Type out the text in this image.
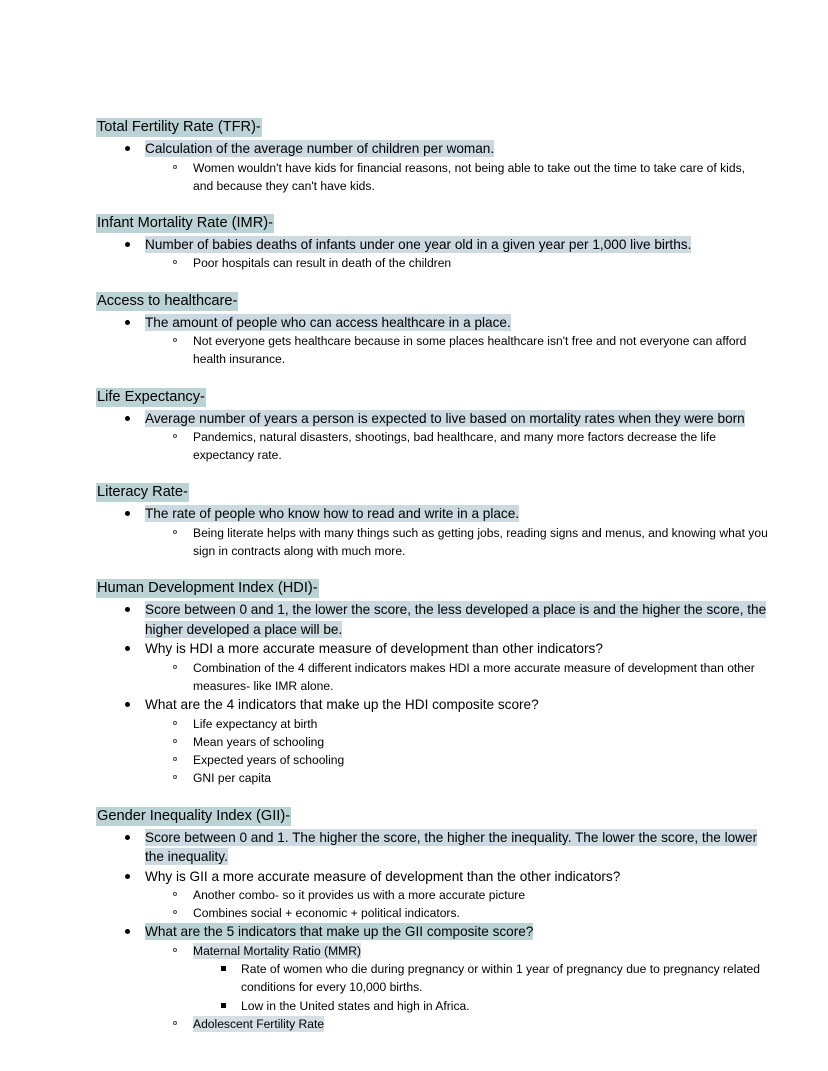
Total Fertility Rate (TFR)-
Calculation of the average number of children per woman.
Women wouldn't have kids for financial reasons, not being able to take out the time to take care of kids, and because they can't have kids.
Infant Mortality Rate (IMR)-
Number of babies deaths of infants under one year old in a given year per 1,000 live births.
Poor hospitals can result in death of the children
Access to healthcare-
The amount of people who can access healthcare in a place.
Not everyone gets healthcare because in some places healthcare isn't free and not everyone can afford health insurance.
Life Expectancy-
Average number of years a person is expected to live based on mortality rates when they were born
Pandemics, natural disasters, shootings, bad healthcare, and many more factors decrease the life expectancy rate.
Literacy Rate-
The rate of people who know how to read and write in a place.
Being literate helps with many things such as getting jobs, reading signs and menus, and knowing what you sign in contracts along with much more.
Human Development Index (HDI)-
Score between 0 and 1, the lower the score, the less developed a place is and the higher the score, the higher developed a place will be.
Why is HDI a more accurate measure of development than other indicators?
Combination of the 4 different indicators makes HDI a more accurate measure of development than other measures- like IMR alone.
What are the 4 indicators that make up the HDI composite score?
Life expectancy at birth
Mean years of schooling
Expected years of schooling
GNI per capita
Gender Inequality Index (GII)-
Score between 0 and 1. The higher the score, the higher the inequality. The lower the score, the lower the inequality.
Why is GII a more accurate measure of development than the other indicators?
Another combo- so it provides us with a more accurate picture
Combines social + economic + political indicators.
What are the 5 indicators that make up the GII composite score?
Maternal Mortality Ratio (MMR)
Rate of women who die during pregnancy or within 1 year of pregnancy due to pregnancy related conditions for every 10,000 births.
Low in the United states and high in Africa.
Adolescent Fertility Rate
